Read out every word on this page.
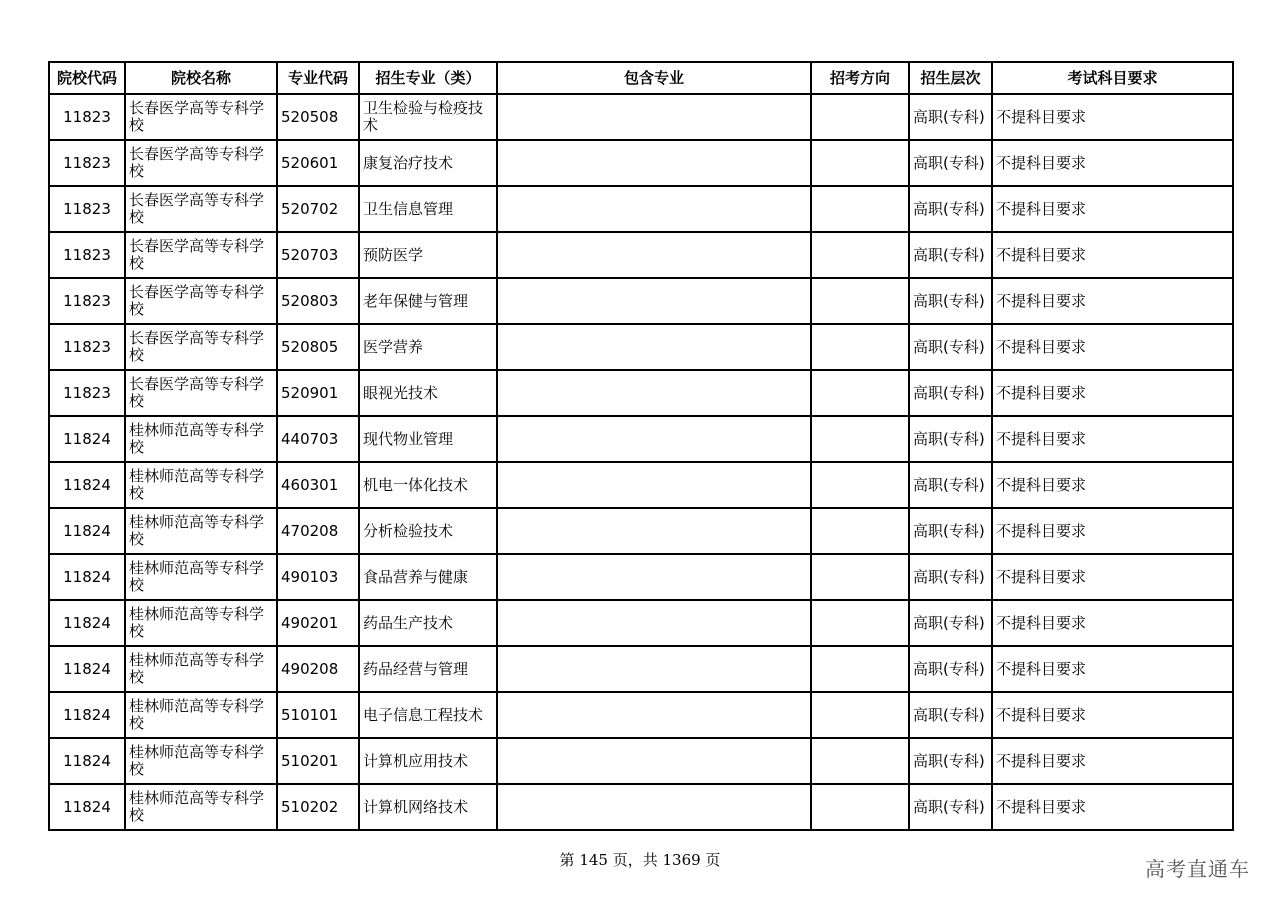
院校代码	院校名称	专业代码	招生专业（类）	包含专业	招考方向	招生层次	考试科目要求
11823	长春医学高等专科学校	520508	卫生检验与检疫技术			高职(专科)	不提科目要求
11823	长春医学高等专科学校	520601	康复治疗技术			高职(专科)	不提科目要求
11823	长春医学高等专科学校	520702	卫生信息管理			高职(专科)	不提科目要求
11823	长春医学高等专科学校	520703	预防医学			高职(专科)	不提科目要求
11823	长春医学高等专科学校	520803	老年保健与管理			高职(专科)	不提科目要求
11823	长春医学高等专科学校	520805	医学营养			高职(专科)	不提科目要求
11823	长春医学高等专科学校	520901	眼视光技术			高职(专科)	不提科目要求
11824	桂林师范高等专科学校	440703	现代物业管理			高职(专科)	不提科目要求
11824	桂林师范高等专科学校	460301	机电一体化技术			高职(专科)	不提科目要求
11824	桂林师范高等专科学校	470208	分析检验技术			高职(专科)	不提科目要求
11824	桂林师范高等专科学校	490103	食品营养与健康			高职(专科)	不提科目要求
11824	桂林师范高等专科学校	490201	药品生产技术			高职(专科)	不提科目要求
11824	桂林师范高等专科学校	490208	药品经营与管理			高职(专科)	不提科目要求
11824	桂林师范高等专科学校	510101	电子信息工程技术			高职(专科)	不提科目要求
11824	桂林师范高等专科学校	510201	计算机应用技术			高职(专科)	不提科目要求
11824	桂林师范高等专科学校	510202	计算机网络技术			高职(专科)	不提科目要求
第 145 页，共 1369 页	高考直通车
